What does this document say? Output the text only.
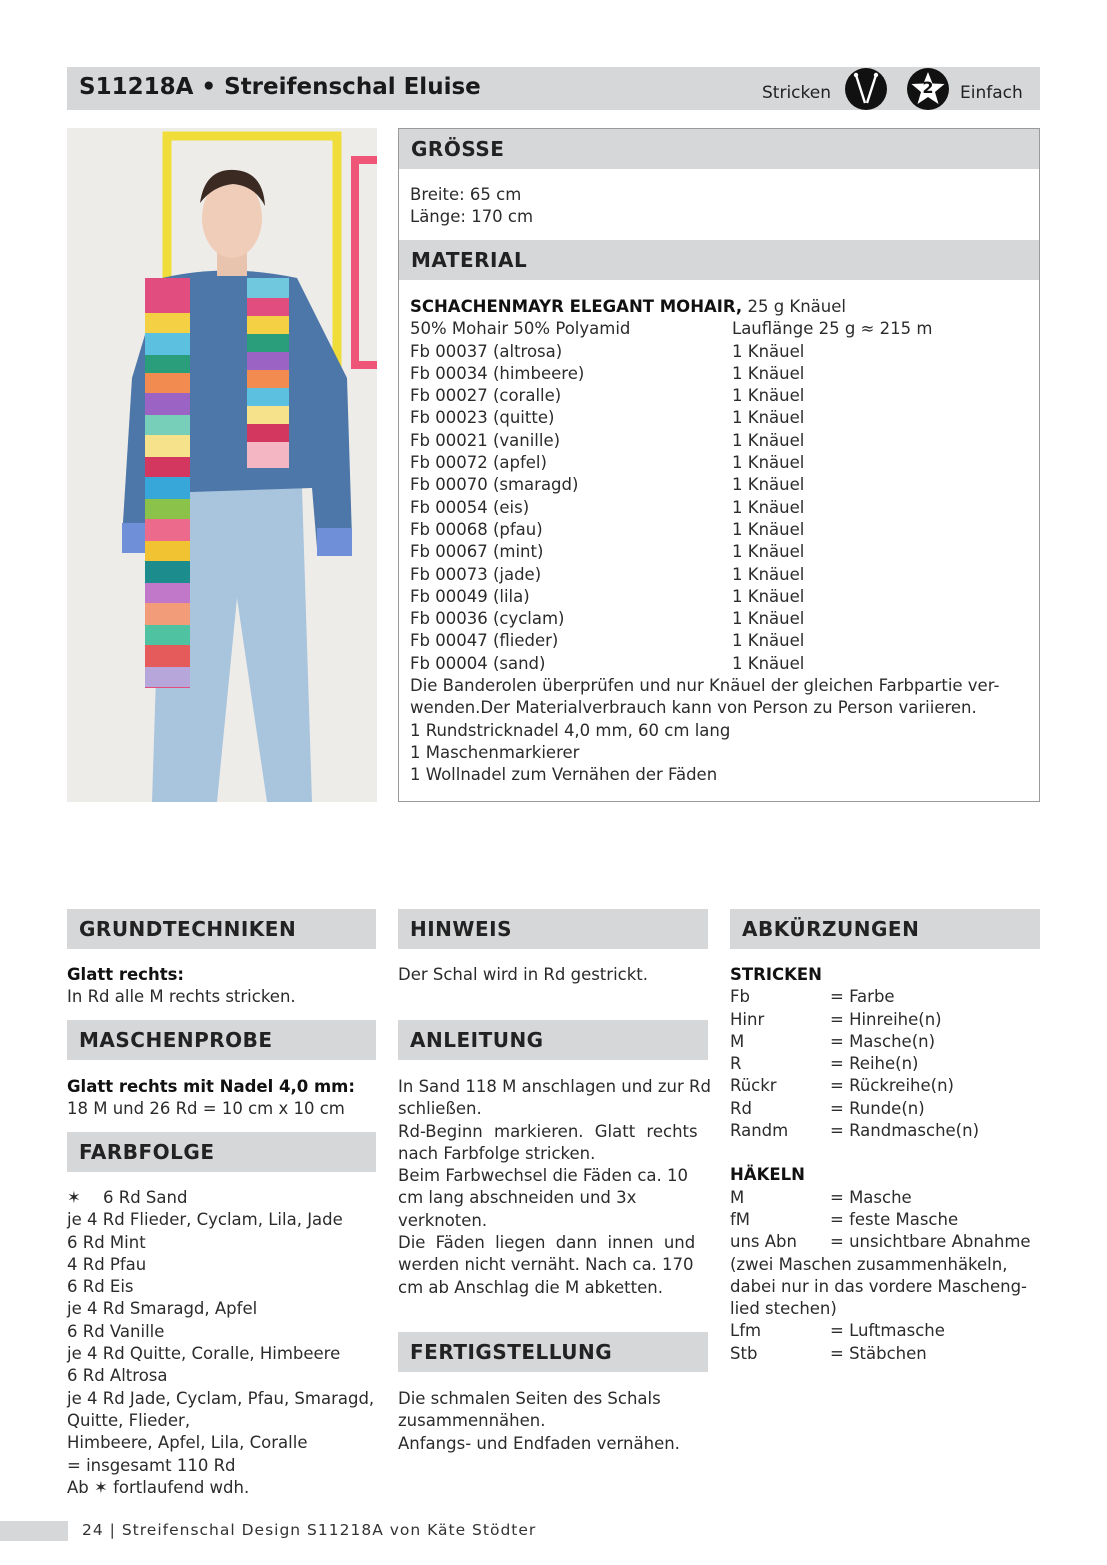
S11218A • Streifenschal Eluise	Stricken	2	Einfach
GRÖSSE
Breite: 65 cm
Länge: 170 cm
MATERIAL
SCHACHENMAYR ELEGANT MOHAIR, 25 g Knäuel
50% Mohair 50% Polyamid	Lauflänge 25 g ≈ 215 m
Fb 00037 (altrosa)	1 Knäuel
Fb 00034 (himbeere)	1 Knäuel
Fb 00027 (coralle)	1 Knäuel
Fb 00023 (quitte)	1 Knäuel
Fb 00021 (vanille)	1 Knäuel
Fb 00072 (apfel)	1 Knäuel
Fb 00070 (smaragd)	1 Knäuel
Fb 00054 (eis)	1 Knäuel
Fb 00068 (pfau)	1 Knäuel
Fb 00067 (mint)	1 Knäuel
Fb 00073 (jade)	1 Knäuel
Fb 00049 (lila)	1 Knäuel
Fb 00036 (cyclam)	1 Knäuel
Fb 00047 (flieder)	1 Knäuel
Fb 00004 (sand)	1 Knäuel
Die Banderolen überprüfen und nur Knäuel der gleichen Farbpartie ver-
wenden.Der Materialverbrauch kann von Person zu Person variieren.
1 Rundstricknadel 4,0 mm, 60 cm lang
1 Maschenmarkierer
1 Wollnadel zum Vernähen der Fäden
GRUNDTECHNIKEN
Glatt rechts:
In Rd alle M rechts stricken.
MASCHENPROBE
Glatt rechts mit Nadel 4,0 mm:
18 M und 26 Rd = 10 cm x 10 cm
FARBFOLGE
✶ 6 Rd Sand
je 4 Rd Flieder, Cyclam, Lila, Jade
6 Rd Mint
4 Rd Pfau
6 Rd Eis
je 4 Rd Smaragd, Apfel
6 Rd Vanille
je 4 Rd Quitte, Coralle, Himbeere
6 Rd Altrosa
je 4 Rd Jade, Cyclam, Pfau, Smaragd,
Quitte, Flieder,
Himbeere, Apfel, Lila, Coralle
= insgesamt 110 Rd
Ab ✶ fortlaufend wdh.
HINWEIS
Der Schal wird in Rd gestrickt.
ANLEITUNG
In Sand 118 M anschlagen und zur Rd
schließen.
Rd-Beginn markieren. Glatt rechts
nach Farbfolge stricken.
Beim Farbwechsel die Fäden ca. 10
cm lang abschneiden und 3x
verknoten.
Die Fäden liegen dann innen und
werden nicht vernäht. Nach ca. 170
cm ab Anschlag die M abketten.
FERTIGSTELLUNG
Die schmalen Seiten des Schals
zusammennähen.
Anfangs- und Endfaden vernähen.
ABKÜRZUNGEN
STRICKEN
Fb	= Farbe
Hinr	= Hinreihe(n)
M	= Masche(n)
R	= Reihe(n)
Rückr	= Rückreihe(n)
Rd	= Runde(n)
Randm	= Randmasche(n)
HÄKELN
M	= Masche
fM	= feste Masche
uns Abn = unsichtbare Abnahme
(zwei Maschen zusammenhäkeln,
dabei nur in das vordere Mascheng-
lied stechen)
Lfm	= Luftmasche
Stb	= Stäbchen
24 | Streifenschal Design S11218A von Käte Stödter
